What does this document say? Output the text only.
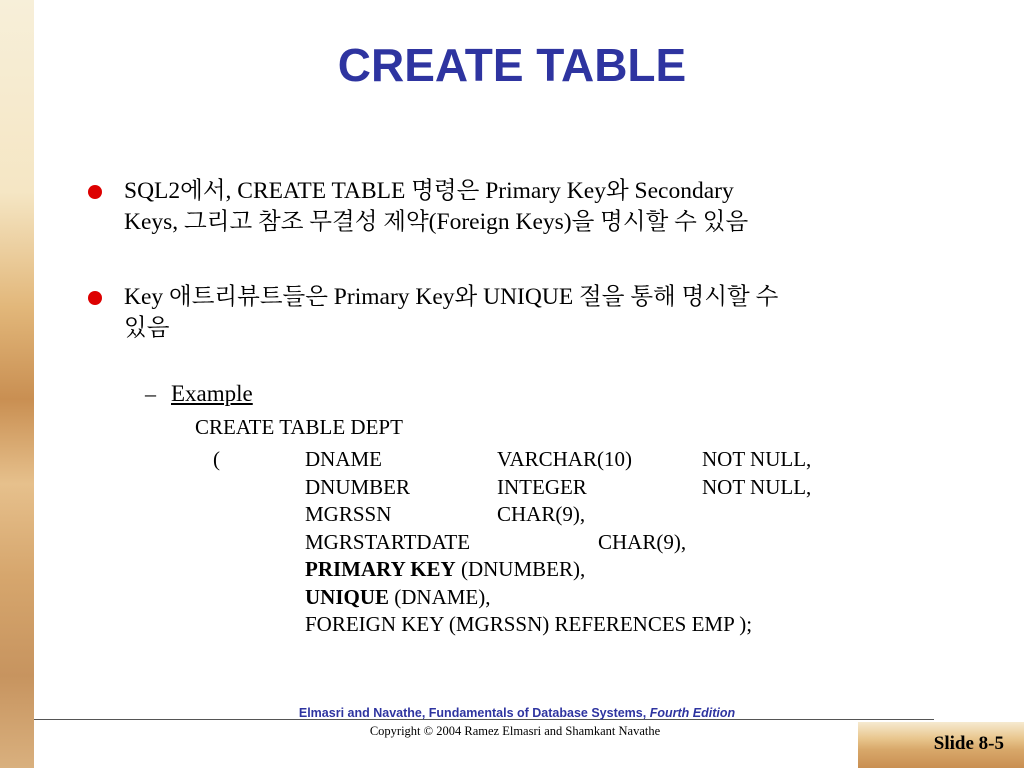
CREATE TABLE
SQL2에서, CREATE TABLE 명령은 Primary Key와 Secondary
Keys, 그리고 참조 무결성 제약(Foreign Keys)을 명시할 수 있음
Key 애트리뷰트들은 Primary Key와 UNIQUE 절을 통해 명시할 수
있음
– Example
CREATE TABLE DEPT
(	DNAME	VARCHAR(10)	NOT NULL,
DNUMBER	INTEGER	NOT NULL,
MGRSSN	CHAR(9),
MGRSTARTDATE	CHAR(9),
PRIMARY KEY (DNUMBER),
UNIQUE (DNAME),
FOREIGN KEY (MGRSSN) REFERENCES EMP );
Elmasri and Navathe, Fundamentals of Database Systems, Fourth Edition
Copyright © 2004 Ramez Elmasri and Shamkant Navathe
Slide 8-5
